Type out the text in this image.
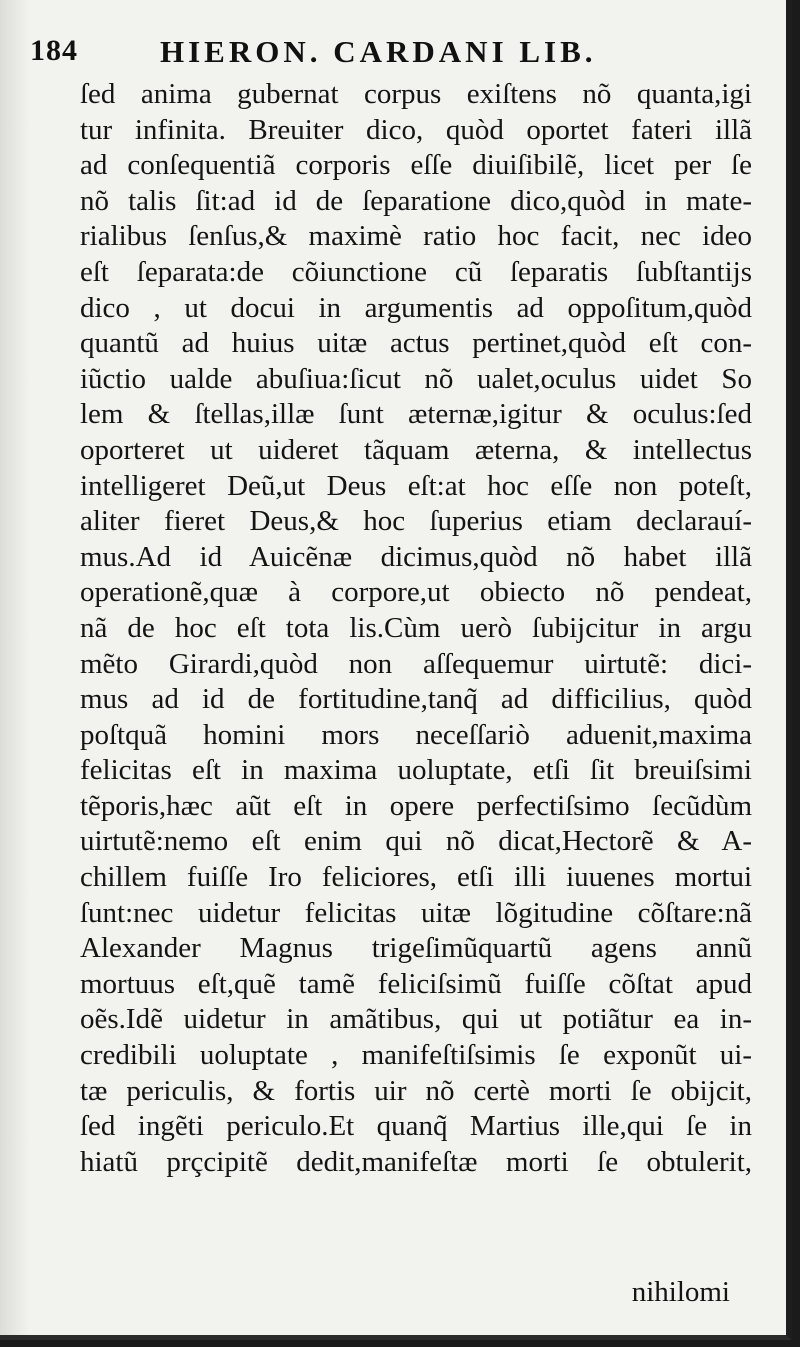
184	HIERON. CARDANI LIB.
ſed anima gubernat corpus exiſtens nõ quanta,igi
tur infinita. Breuiter dico, quòd oportet fateri illã
ad conſequentiã corporis eſſe diuiſibilẽ, licet per ſe
nõ talis ſit:ad id de ſeparatione dico,quòd in mate-
rialibus ſenſus,& maximè ratio hoc facit, nec ideo
eſt ſeparata:de cõiunctione cũ ſeparatis ſubſtantijs
dico , ut docui in argumentis ad oppoſitum,quòd
quantũ ad huius uitæ actus pertinet,quòd eſt con-
iũctio ualde abuſiua:ſicut nõ ualet,oculus uidet So
lem & ſtellas,illæ ſunt æternæ,igitur & oculus:ſed
oporteret ut uideret tãquam æterna, & intellectus
intelligeret Deũ,ut Deus eſt:at hoc eſſe non poteſt,
aliter fieret Deus,& hoc ſuperius etiam declarauí-
mus.Ad id Auicẽnæ dicimus,quòd nõ habet illã
operationẽ,quæ à corpore,ut obiecto nõ pendeat,
nã de hoc eſt tota lis.Cùm uerò ſubijcitur in argu
mẽto Girardi,quòd non aſſequemur uirtutẽ: dici-
mus ad id de fortitudine,tanq̃ ad difficilius, quòd
poſtquã homini mors neceſſariò aduenit,maxima
felicitas eſt in maxima uoluptate, etſi ſit breuiſsimi
tẽporis,hæc aũt eſt in opere perfectiſsimo ſecũdùm
uirtutẽ:nemo eſt enim qui nõ dicat,Hectorẽ & A-
chillem fuiſſe Iro feliciores, etſi illi iuuenes mortui
ſunt:nec uidetur felicitas uitæ lõgitudine cõſtare:nã
Alexander Magnus trigeſimũquartũ agens annũ
mortuus eſt,quẽ tamẽ feliciſsimũ fuiſſe cõſtat apud
oẽs.Idẽ uidetur in amãtibus, qui ut potiãtur ea in-
credibili uoluptate , manifeſtiſsimis ſe exponũt ui-
tæ periculis, & fortis uir nõ certè morti ſe obijcit,
ſed ingẽti periculo.Et quanq̃ Martius ille,qui ſe in
hiatũ prçcipitẽ dedit,manifeſtæ morti ſe obtulerit,
nihilomi
